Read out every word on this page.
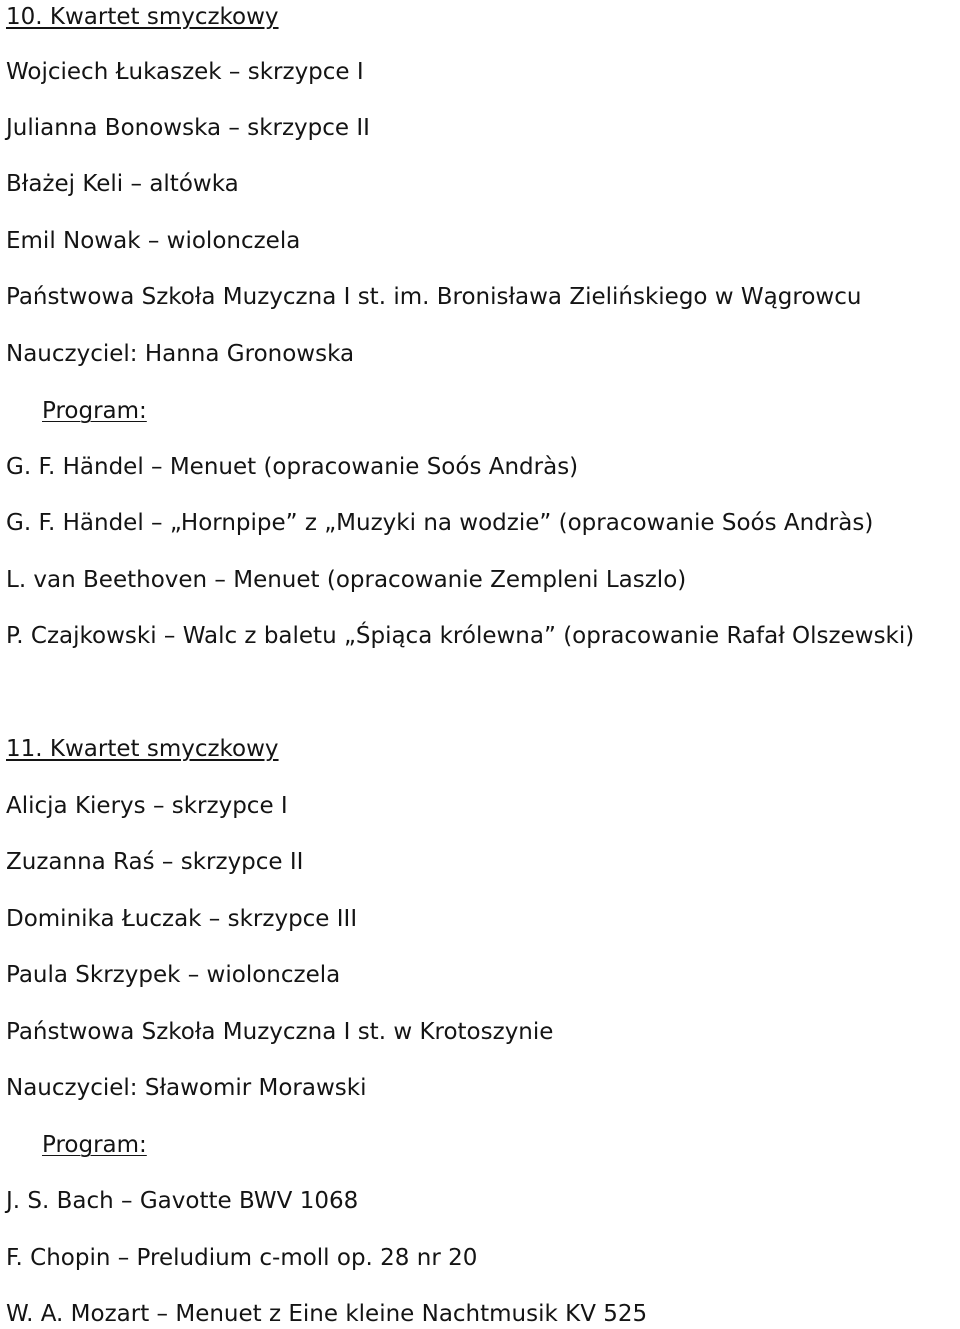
10. Kwartet smyczkowy
Wojciech Łukaszek – skrzypce I
Julianna Bonowska – skrzypce II
Błażej Keli – altówka
Emil Nowak – wiolonczela
Państwowa Szkoła Muzyczna I st. im. Bronisława Zielińskiego w Wągrowcu
Nauczyciel: Hanna Gronowska
Program:
G. F. Händel – Menuet (opracowanie Soós Andràs)
G. F. Händel – „Hornpipe” z „Muzyki na wodzie” (opracowanie Soós Andràs)
L. van Beethoven – Menuet (opracowanie Zempleni Laszlo)
P. Czajkowski – Walc z baletu „Śpiąca królewna” (opracowanie Rafał Olszewski)
11. Kwartet smyczkowy
Alicja Kierys – skrzypce I
Zuzanna Raś – skrzypce II
Dominika Łuczak – skrzypce III
Paula Skrzypek – wiolonczela
Państwowa Szkoła Muzyczna I st. w Krotoszynie
Nauczyciel: Sławomir Morawski
Program:
J. S. Bach – Gavotte BWV 1068
F. Chopin – Preludium c-moll op. 28 nr 20
W. A. Mozart – Menuet z Eine kleine Nachtmusik KV 525
